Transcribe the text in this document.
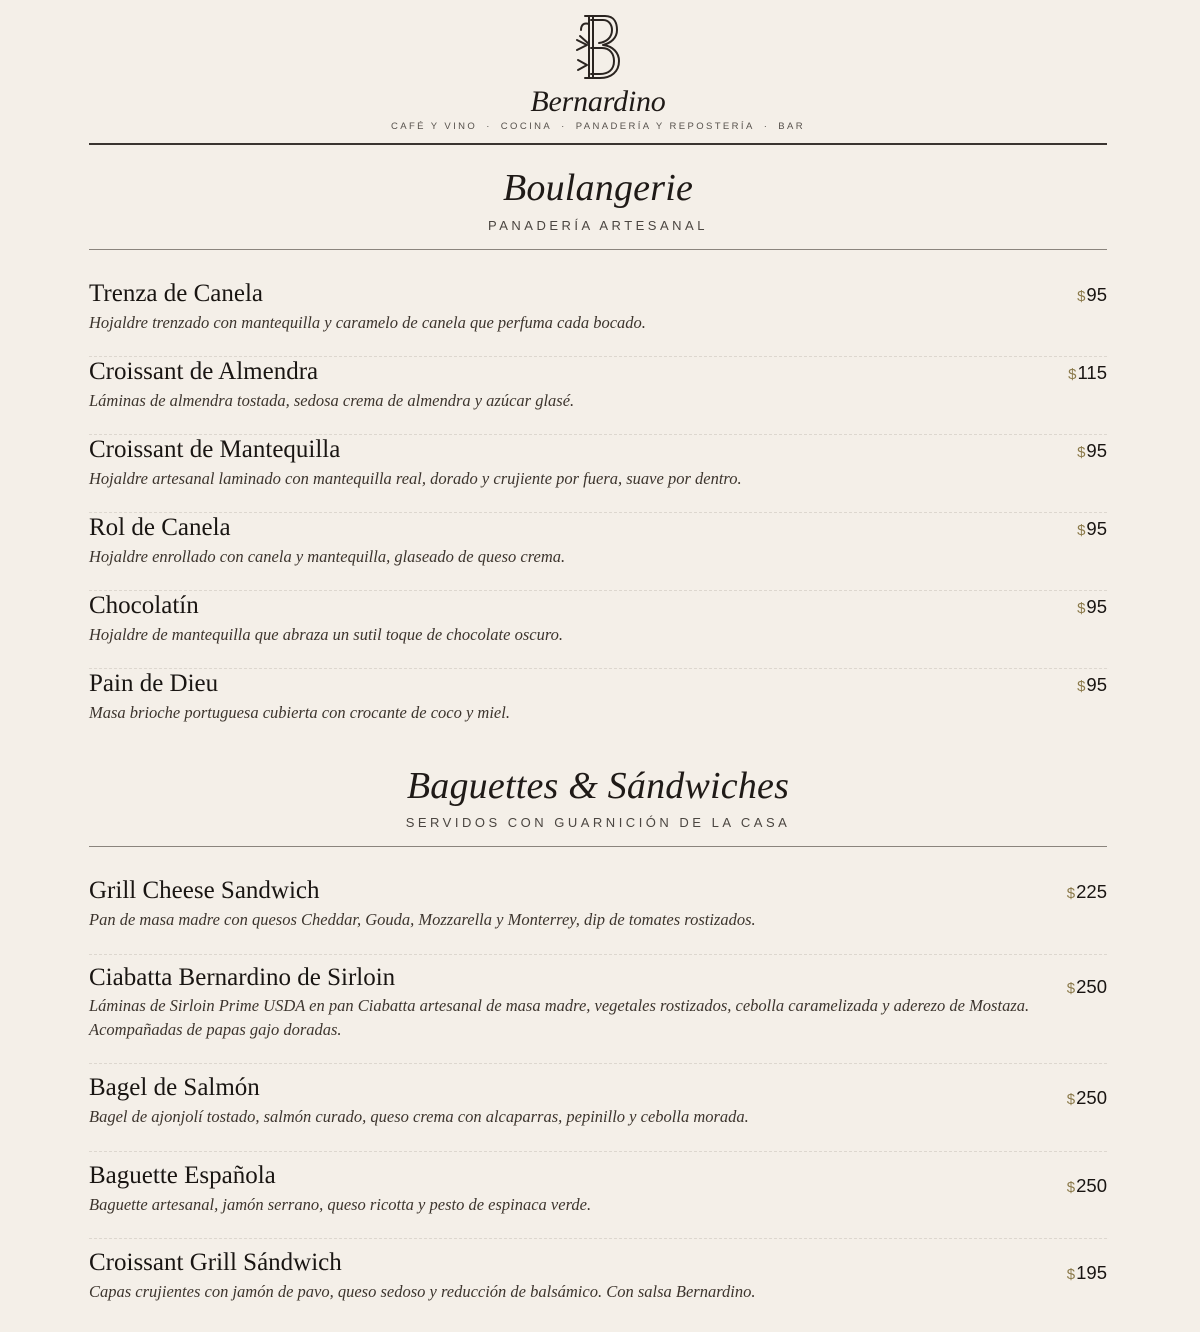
Bernardino
CAFÉ Y VINO · COCINA · PANADERÍA Y REPOSTERÍA · BAR
Boulangerie
PANADERÍA ARTESANAL
Trenza de Canela
Hojaldre trenzado con mantequilla y caramelo de canela que perfuma cada bocado.
$95
Croissant de Almendra
Láminas de almendra tostada, sedosa crema de almendra y azúcar glasé.
$115
Croissant de Mantequilla
Hojaldre artesanal laminado con mantequilla real, dorado y crujiente por fuera, suave por dentro.
$95
Rol de Canela
Hojaldre enrollado con canela y mantequilla, glaseado de queso crema.
$95
Chocolatín
Hojaldre de mantequilla que abraza un sutil toque de chocolate oscuro.
$95
Pain de Dieu
Masa brioche portuguesa cubierta con crocante de coco y miel.
$95
Baguettes & Sándwiches
SERVIDOS CON GUARNICIÓN DE LA CASA
Grill Cheese Sandwich
Pan de masa madre con quesos Cheddar, Gouda, Mozzarella y Monterrey, dip de tomates rostizados.
$225
Ciabatta Bernardino de Sirloin
Láminas de Sirloin Prime USDA en pan Ciabatta artesanal de masa madre, vegetales rostizados, cebolla caramelizada y aderezo de Mostaza. Acompañadas de papas gajo doradas.
$250
Bagel de Salmón
Bagel de ajonjolí tostado, salmón curado, queso crema con alcaparras, pepinillo y cebolla morada.
$250
Baguette Española
Baguette artesanal, jamón serrano, queso ricotta y pesto de espinaca verde.
$250
Croissant Grill Sándwich
Capas crujientes con jamón de pavo, queso sedoso y reducción de balsámico. Con salsa Bernardino.
$195
